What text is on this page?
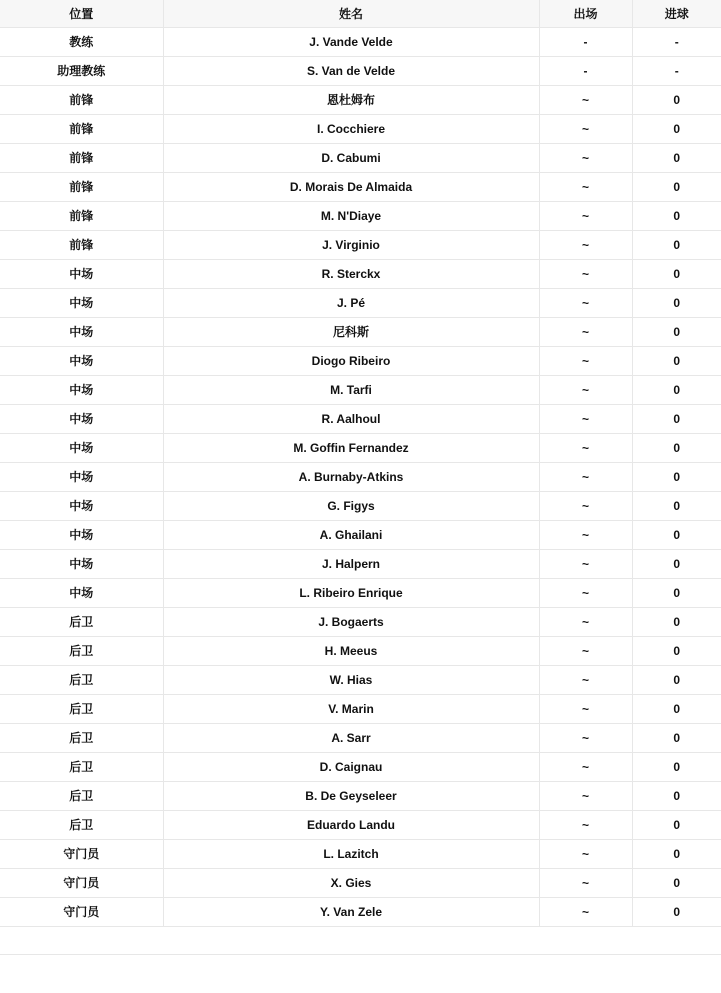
位置	姓名	出场	进球
教练	J. Vande Velde	-	-
助理教练	S. Van de Velde	-	-
前锋	恩杜姆布	~	0
前锋	I. Cocchiere	~	0
前锋	D. Cabumi	~	0
前锋	D. Morais De Almaida	~	0
前锋	M. N'Diaye	~	0
前锋	J. Virginio	~	0
中场	R. Sterckx	~	0
中场	J. Pé	~	0
中场	尼科斯	~	0
中场	Diogo Ribeiro	~	0
中场	M. Tarfi	~	0
中场	R. Aalhoul	~	0
中场	M. Goffin Fernandez	~	0
中场	A. Burnaby-Atkins	~	0
中场	G. Figys	~	0
中场	A. Ghailani	~	0
中场	J. Halpern	~	0
中场	L. Ribeiro Enrique	~	0
后卫	J. Bogaerts	~	0
后卫	H. Meeus	~	0
后卫	W. Hias	~	0
后卫	V. Marin	~	0
后卫	A. Sarr	~	0
后卫	D. Caignau	~	0
后卫	B. De Geyseleer	~	0
后卫	Eduardo Landu	~	0
守门员	L. Lazitch	~	0
守门员	X. Gies	~	0
守门员	Y. Van Zele	~	0
